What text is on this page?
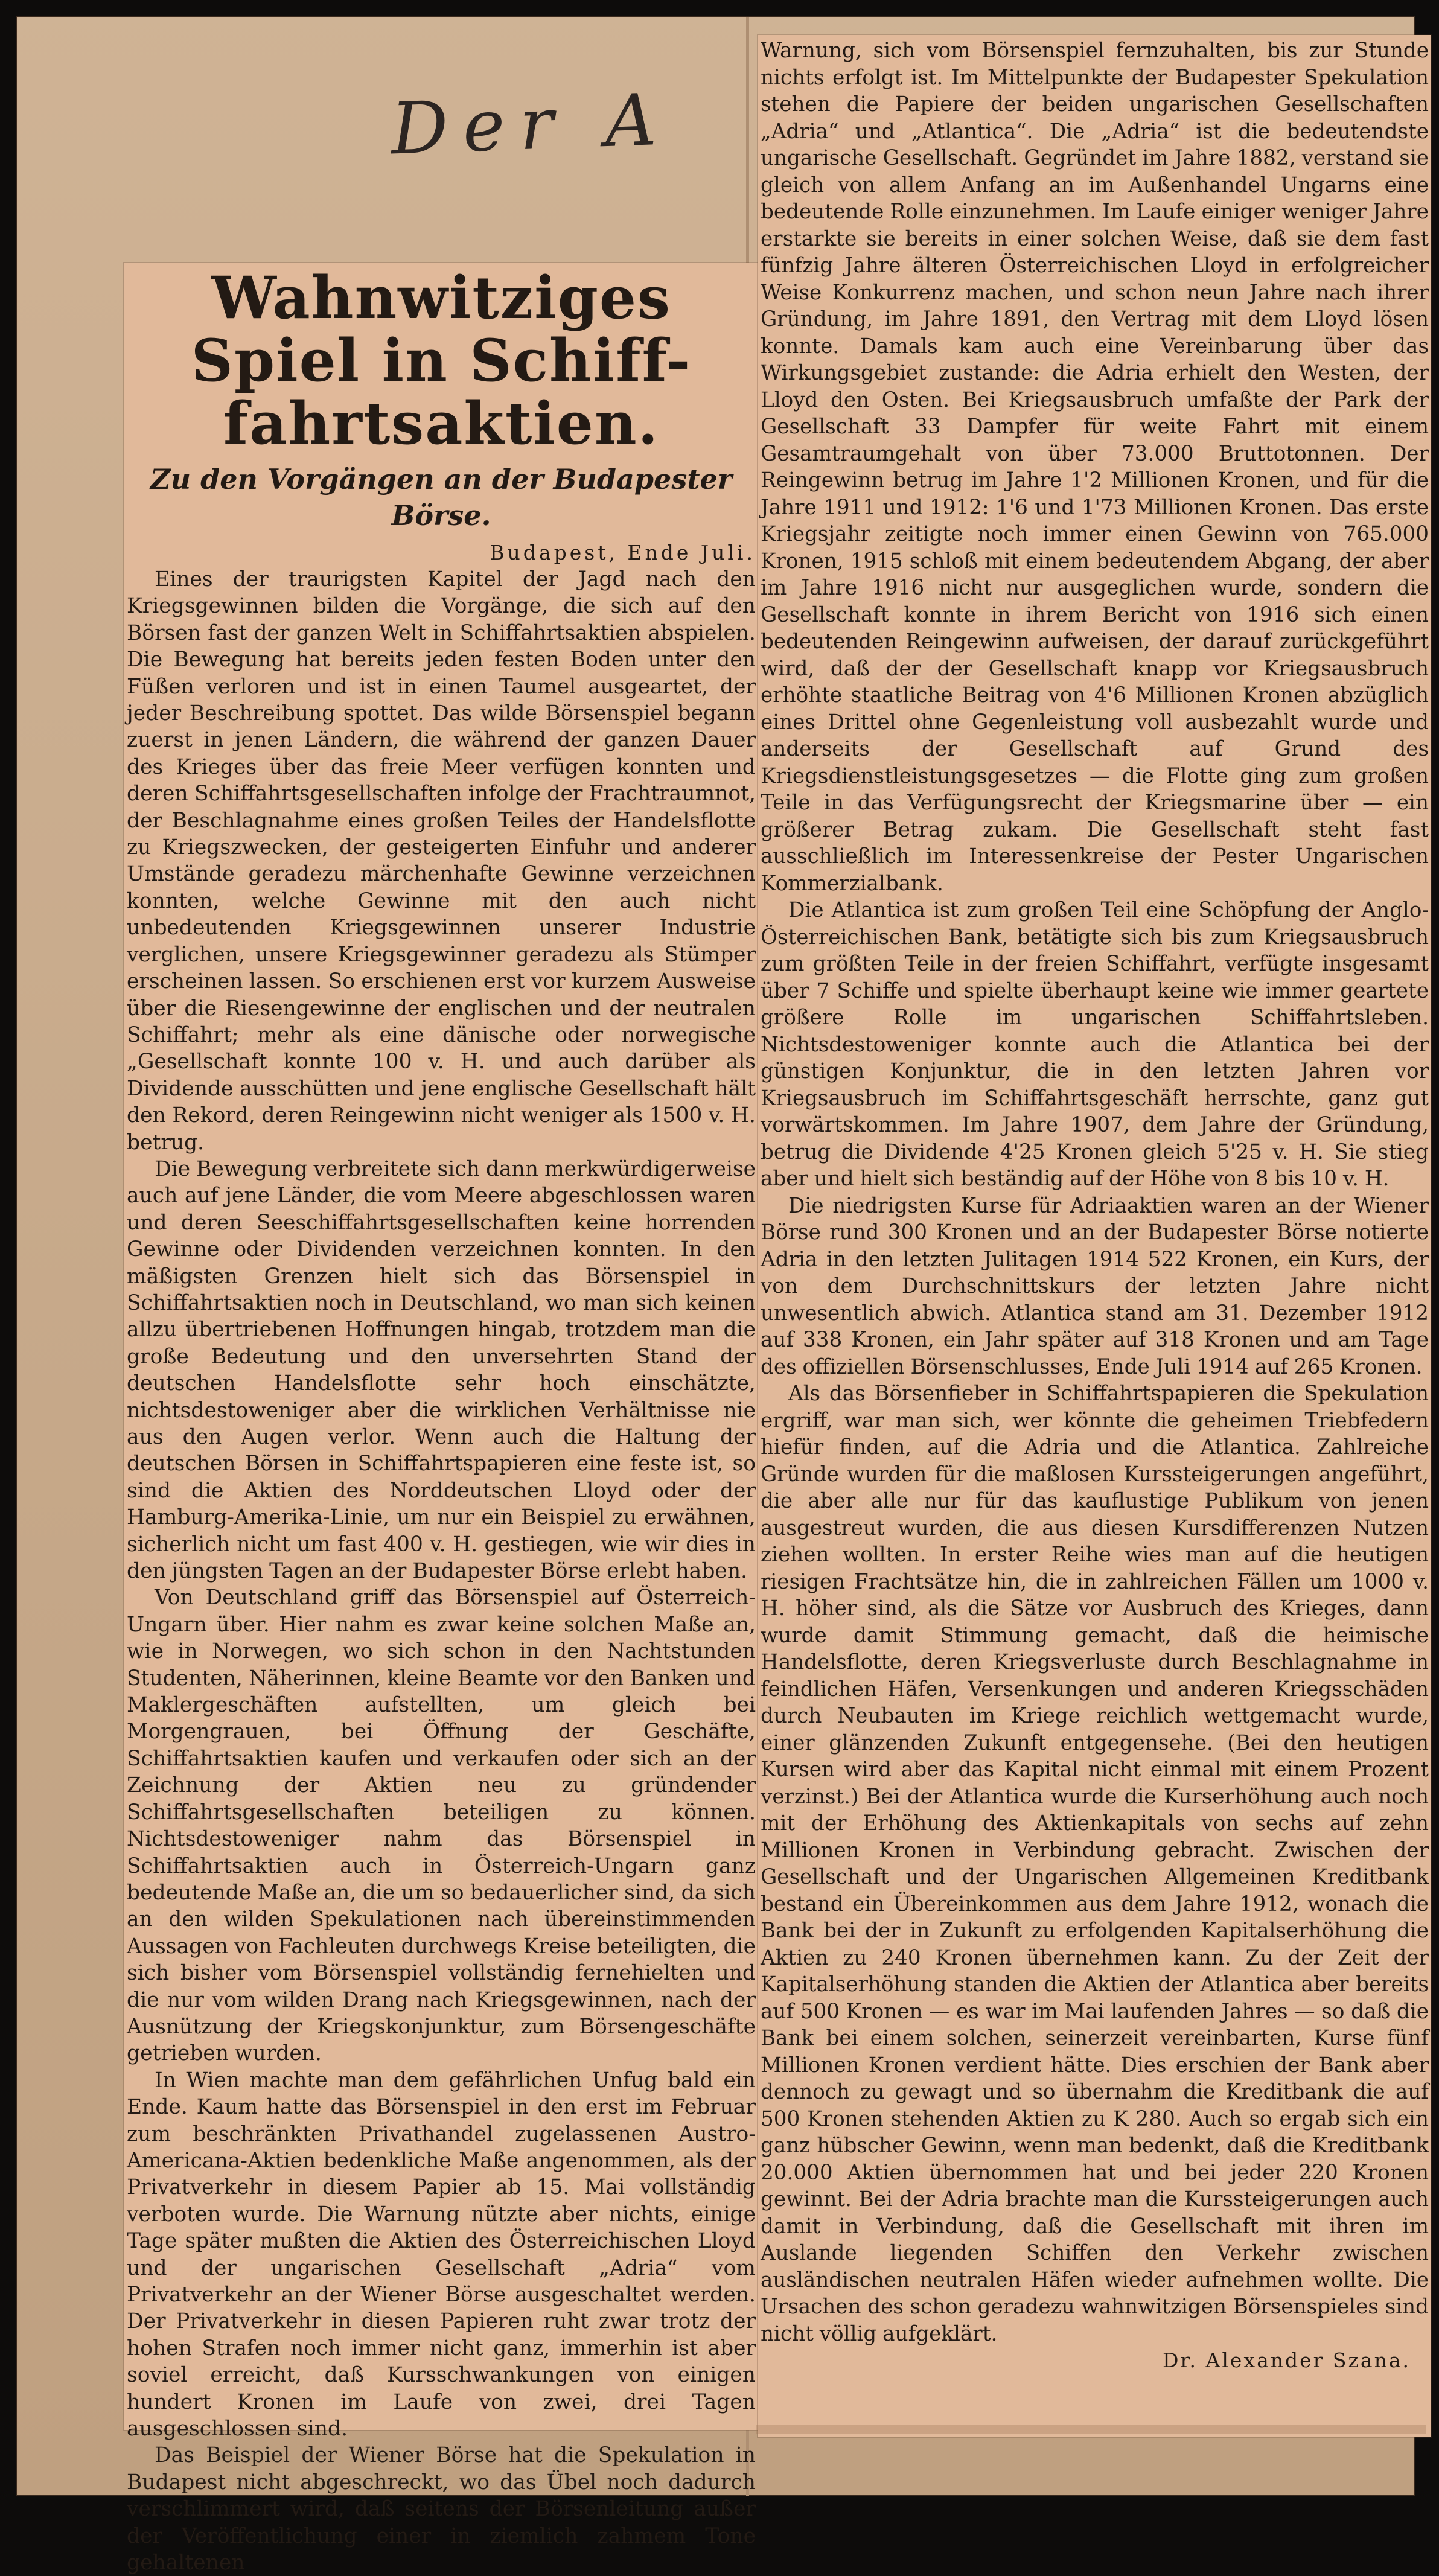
Der A
Wahnwitziges Spiel in Schiff-
fahrtsaktien.
Zu den Vorgängen an der Budapester Börse.
Budapest, Ende Juli.

Eines der traurigsten Kapitel der Jagd nach den Kriegsgewinnen bilden die Vorgänge, die sich auf den Börsen fast der ganzen Welt in Schiffahrtsaktien abspielen. Die Bewegung hat bereits jeden festen Boden unter den Füßen verloren und ist in einen Taumel ausgeartet, der jeder Beschreibung spottet. Das wilde Börsenspiel begann zuerst in jenen Ländern, die während der ganzen Dauer des Krieges über das freie Meer verfügen konnten und deren Schiffahrtsgesellschaften infolge der Frachtraumnot, der Beschlagnahme eines großen Teiles der Handelsflotte zu Kriegszwecken, der gesteigerten Einfuhr und anderer Umstände geradezu märchenhafte Gewinne verzeichnen konnten, welche Gewinne mit den auch nicht unbedeutenden Kriegsgewinnen unserer Industrie verglichen, unsere Kriegsgewinner geradezu als Stümper erscheinen lassen. So erschienen erst vor kurzem Ausweise über die Riesengewinne der englischen und der neutralen Schiffahrt; mehr als eine dänische oder norwegische „Gesellschaft konnte 100 v. H. und auch darüber als Dividende ausschütten und jene englische Gesellschaft hält den Rekord, deren Reingewinn nicht weniger als 1500 v. H. betrug.

Die Bewegung verbreitete sich dann merkwürdigerweise auch auf jene Länder, die vom Meere abgeschlossen waren und deren Seeschiffahrtsgesellschaften keine horrenden Gewinne oder Dividenden verzeichnen konnten. In den mäßigsten Grenzen hielt sich das Börsenspiel in Schiffahrtsaktien noch in Deutschland, wo man sich keinen allzu übertriebenen Hoffnungen hingab, trotzdem man die große Bedeutung und den unversehrten Stand der deutschen Handelsflotte sehr hoch einschätzte, nichtsdestoweniger aber die wirklichen Verhältnisse nie aus den Augen verlor. Wenn auch die Haltung der deutschen Börsen in Schiffahrtspapieren eine feste ist, so sind die Aktien des Norddeutschen Lloyd oder der Hamburg-Amerika-Linie, um nur ein Beispiel zu erwähnen, sicherlich nicht um fast 400 v. H. gestiegen, wie wir dies in den jüngsten Tagen an der Budapester Börse erlebt haben.

Von Deutschland griff das Börsenspiel auf Österreich-Ungarn über. Hier nahm es zwar keine solchen Maße an, wie in Norwegen, wo sich schon in den Nachtstunden Studenten, Näherinnen, kleine Beamte vor den Banken und Maklergeschäften aufstellten, um gleich bei Morgengrauen, bei Öffnung der Geschäfte, Schiffahrtsaktien kaufen und verkaufen oder sich an der Zeichnung der Aktien neu zu gründender Schiffahrtsgesellschaften beteiligen zu können. Nichtsdestoweniger nahm das Börsenspiel in Schiffahrtsaktien auch in Österreich-Ungarn ganz bedeutende Maße an, die um so bedauerlicher sind, da sich an den wilden Spekulationen nach übereinstimmenden Aussagen von Fachleuten durchwegs Kreise beteiligten, die sich bisher vom Börsenspiel vollständig fernehielten und die nur vom wilden Drang nach Kriegsgewinnen, nach der Ausnützung der Kriegskonjunktur, zum Börsengeschäfte getrieben wurden.

In Wien machte man dem gefährlichen Unfug bald ein Ende. Kaum hatte das Börsenspiel in den erst im Februar zum beschränkten Privathandel zugelassenen Austro-Americana-Aktien bedenkliche Maße angenommen, als der Privatverkehr in diesem Papier ab 15. Mai vollständig verboten wurde. Die Warnung nützte aber nichts, einige Tage später mußten die Aktien des Österreichischen Lloyd und der ungarischen Gesellschaft „Adria“ vom Privatverkehr an der Wiener Börse ausgeschaltet werden. Der Privatverkehr in diesen Papieren ruht zwar trotz der hohen Strafen noch immer nicht ganz, immerhin ist aber soviel erreicht, daß Kursschwankungen von einigen hundert Kronen im Laufe von zwei, drei Tagen ausgeschlossen sind.

Das Beispiel der Wiener Börse hat die Spekulation in Budapest nicht abgeschreckt, wo das Übel noch dadurch verschlimmert wird, daß seitens der Börsenleitung außer der Veröffentlichung einer in ziemlich zahmem Tone gehaltenen

Warnung, sich vom Börsenspiel fernzuhalten, bis zur Stunde nichts erfolgt ist. Im Mittelpunkte der Budapester Spekulation stehen die Papiere der beiden ungarischen Gesellschaften „Adria“ und „Atlantica“. Die „Adria“ ist die bedeutendste ungarische Gesellschaft. Gegründet im Jahre 1882, verstand sie gleich von allem Anfang an im Außenhandel Ungarns eine bedeutende Rolle einzunehmen. Im Laufe einiger weniger Jahre erstarkte sie bereits in einer solchen Weise, daß sie dem fast fünfzig Jahre älteren Österreichischen Lloyd in erfolgreicher Weise Konkurrenz machen, und schon neun Jahre nach ihrer Gründung, im Jahre 1891, den Vertrag mit dem Lloyd lösen konnte. Damals kam auch eine Vereinbarung über das Wirkungsgebiet zustande: die Adria erhielt den Westen, der Lloyd den Osten. Bei Kriegsausbruch umfaßte der Park der Gesellschaft 33 Dampfer für weite Fahrt mit einem Gesamtraumgehalt von über 73.000 Bruttotonnen. Der Reingewinn betrug im Jahre 1'2 Millionen Kronen, und für die Jahre 1911 und 1912: 1'6 und 1'73 Millionen Kronen. Das erste Kriegsjahr zeitigte noch immer einen Gewinn von 765.000 Kronen, 1915 schloß mit einem bedeutendem Abgang, der aber im Jahre 1916 nicht nur ausgeglichen wurde, sondern die Gesellschaft konnte in ihrem Bericht von 1916 sich einen bedeutenden Reingewinn aufweisen, der darauf zurückgeführt wird, daß der der Gesellschaft knapp vor Kriegsausbruch erhöhte staatliche Beitrag von 4'6 Millionen Kronen abzüglich eines Drittel ohne Gegenleistung voll ausbezahlt wurde und anderseits der Gesellschaft auf Grund des Kriegsdienstleistungsgesetzes — die Flotte ging zum großen Teile in das Verfügungsrecht der Kriegsmarine über — ein größerer Betrag zukam. Die Gesellschaft steht fast ausschließlich im Interessenkreise der Pester Ungarischen Kommerzialbank.

Die Atlantica ist zum großen Teil eine Schöpfung der Anglo-Österreichischen Bank, betätigte sich bis zum Kriegsausbruch zum größten Teile in der freien Schiffahrt, verfügte insgesamt über 7 Schiffe und spielte überhaupt keine wie immer geartete größere Rolle im ungarischen Schiffahrtsleben. Nichtsdestoweniger konnte auch die Atlantica bei der günstigen Konjunktur, die in den letzten Jahren vor Kriegsausbruch im Schiffahrtsgeschäft herrschte, ganz gut vorwärtskommen. Im Jahre 1907, dem Jahre der Gründung, betrug die Dividende 4'25 Kronen gleich 5'25 v. H. Sie stieg aber und hielt sich beständig auf der Höhe von 8 bis 10 v. H.

Die niedrigsten Kurse für Adriaaktien waren an der Wiener Börse rund 300 Kronen und an der Budapester Börse notierte Adria in den letzten Julitagen 1914 522 Kronen, ein Kurs, der von dem Durchschnittskurs der letzten Jahre nicht unwesentlich abwich. Atlantica stand am 31. Dezember 1912 auf 338 Kronen, ein Jahr später auf 318 Kronen und am Tage des offiziellen Börsenschlusses, Ende Juli 1914 auf 265 Kronen.

Als das Börsenfieber in Schiffahrtspapieren die Spekulation ergriff, war man sich, wer könnte die geheimen Triebfedern hiefür finden, auf die Adria und die Atlantica. Zahlreiche Gründe wurden für die maßlosen Kurssteigerungen angeführt, die aber alle nur für das kauflustige Publikum von jenen ausgestreut wurden, die aus diesen Kursdifferenzen Nutzen ziehen wollten. In erster Reihe wies man auf die heutigen riesigen Frachtsätze hin, die in zahlreichen Fällen um 1000 v. H. höher sind, als die Sätze vor Ausbruch des Krieges, dann wurde damit Stimmung gemacht, daß die heimische Handelsflotte, deren Kriegsverluste durch Beschlagnahme in feindlichen Häfen, Versenkungen und anderen Kriegsschäden durch Neubauten im Kriege reichlich wettgemacht wurde, einer glänzenden Zukunft entgegensehe. (Bei den heutigen Kursen wird aber das Kapital nicht einmal mit einem Prozent verzinst.) Bei der Atlantica wurde die Kurserhöhung auch noch mit der Erhöhung des Aktienkapitals von sechs auf zehn Millionen Kronen in Verbindung gebracht. Zwischen der Gesellschaft und der Ungarischen Allgemeinen Kreditbank bestand ein Übereinkommen aus dem Jahre 1912, wonach die Bank bei der in Zukunft zu erfolgenden Kapitalserhöhung die Aktien zu 240 Kronen übernehmen kann. Zu der Zeit der Kapitalserhöhung standen die Aktien der Atlantica aber bereits auf 500 Kronen — es war im Mai laufenden Jahres — so daß die Bank bei einem solchen, seinerzeit vereinbarten, Kurse fünf Millionen Kronen verdient hätte. Dies erschien der Bank aber dennoch zu gewagt und so übernahm die Kreditbank die auf 500 Kronen stehenden Aktien zu K 280. Auch so ergab sich ein ganz hübscher Gewinn, wenn man bedenkt, daß die Kreditbank 20.000 Aktien übernommen hat und bei jeder 220 Kronen gewinnt. Bei der Adria brachte man die Kurssteigerungen auch damit in Verbindung, daß die Gesellschaft mit ihren im Auslande liegenden Schiffen den Verkehr zwischen ausländischen neutralen Häfen wieder aufnehmen wollte. Die Ursachen des schon geradezu wahnwitzigen Börsenspieles sind nicht völlig aufgeklärt.

Dr. Alexander Szana.
